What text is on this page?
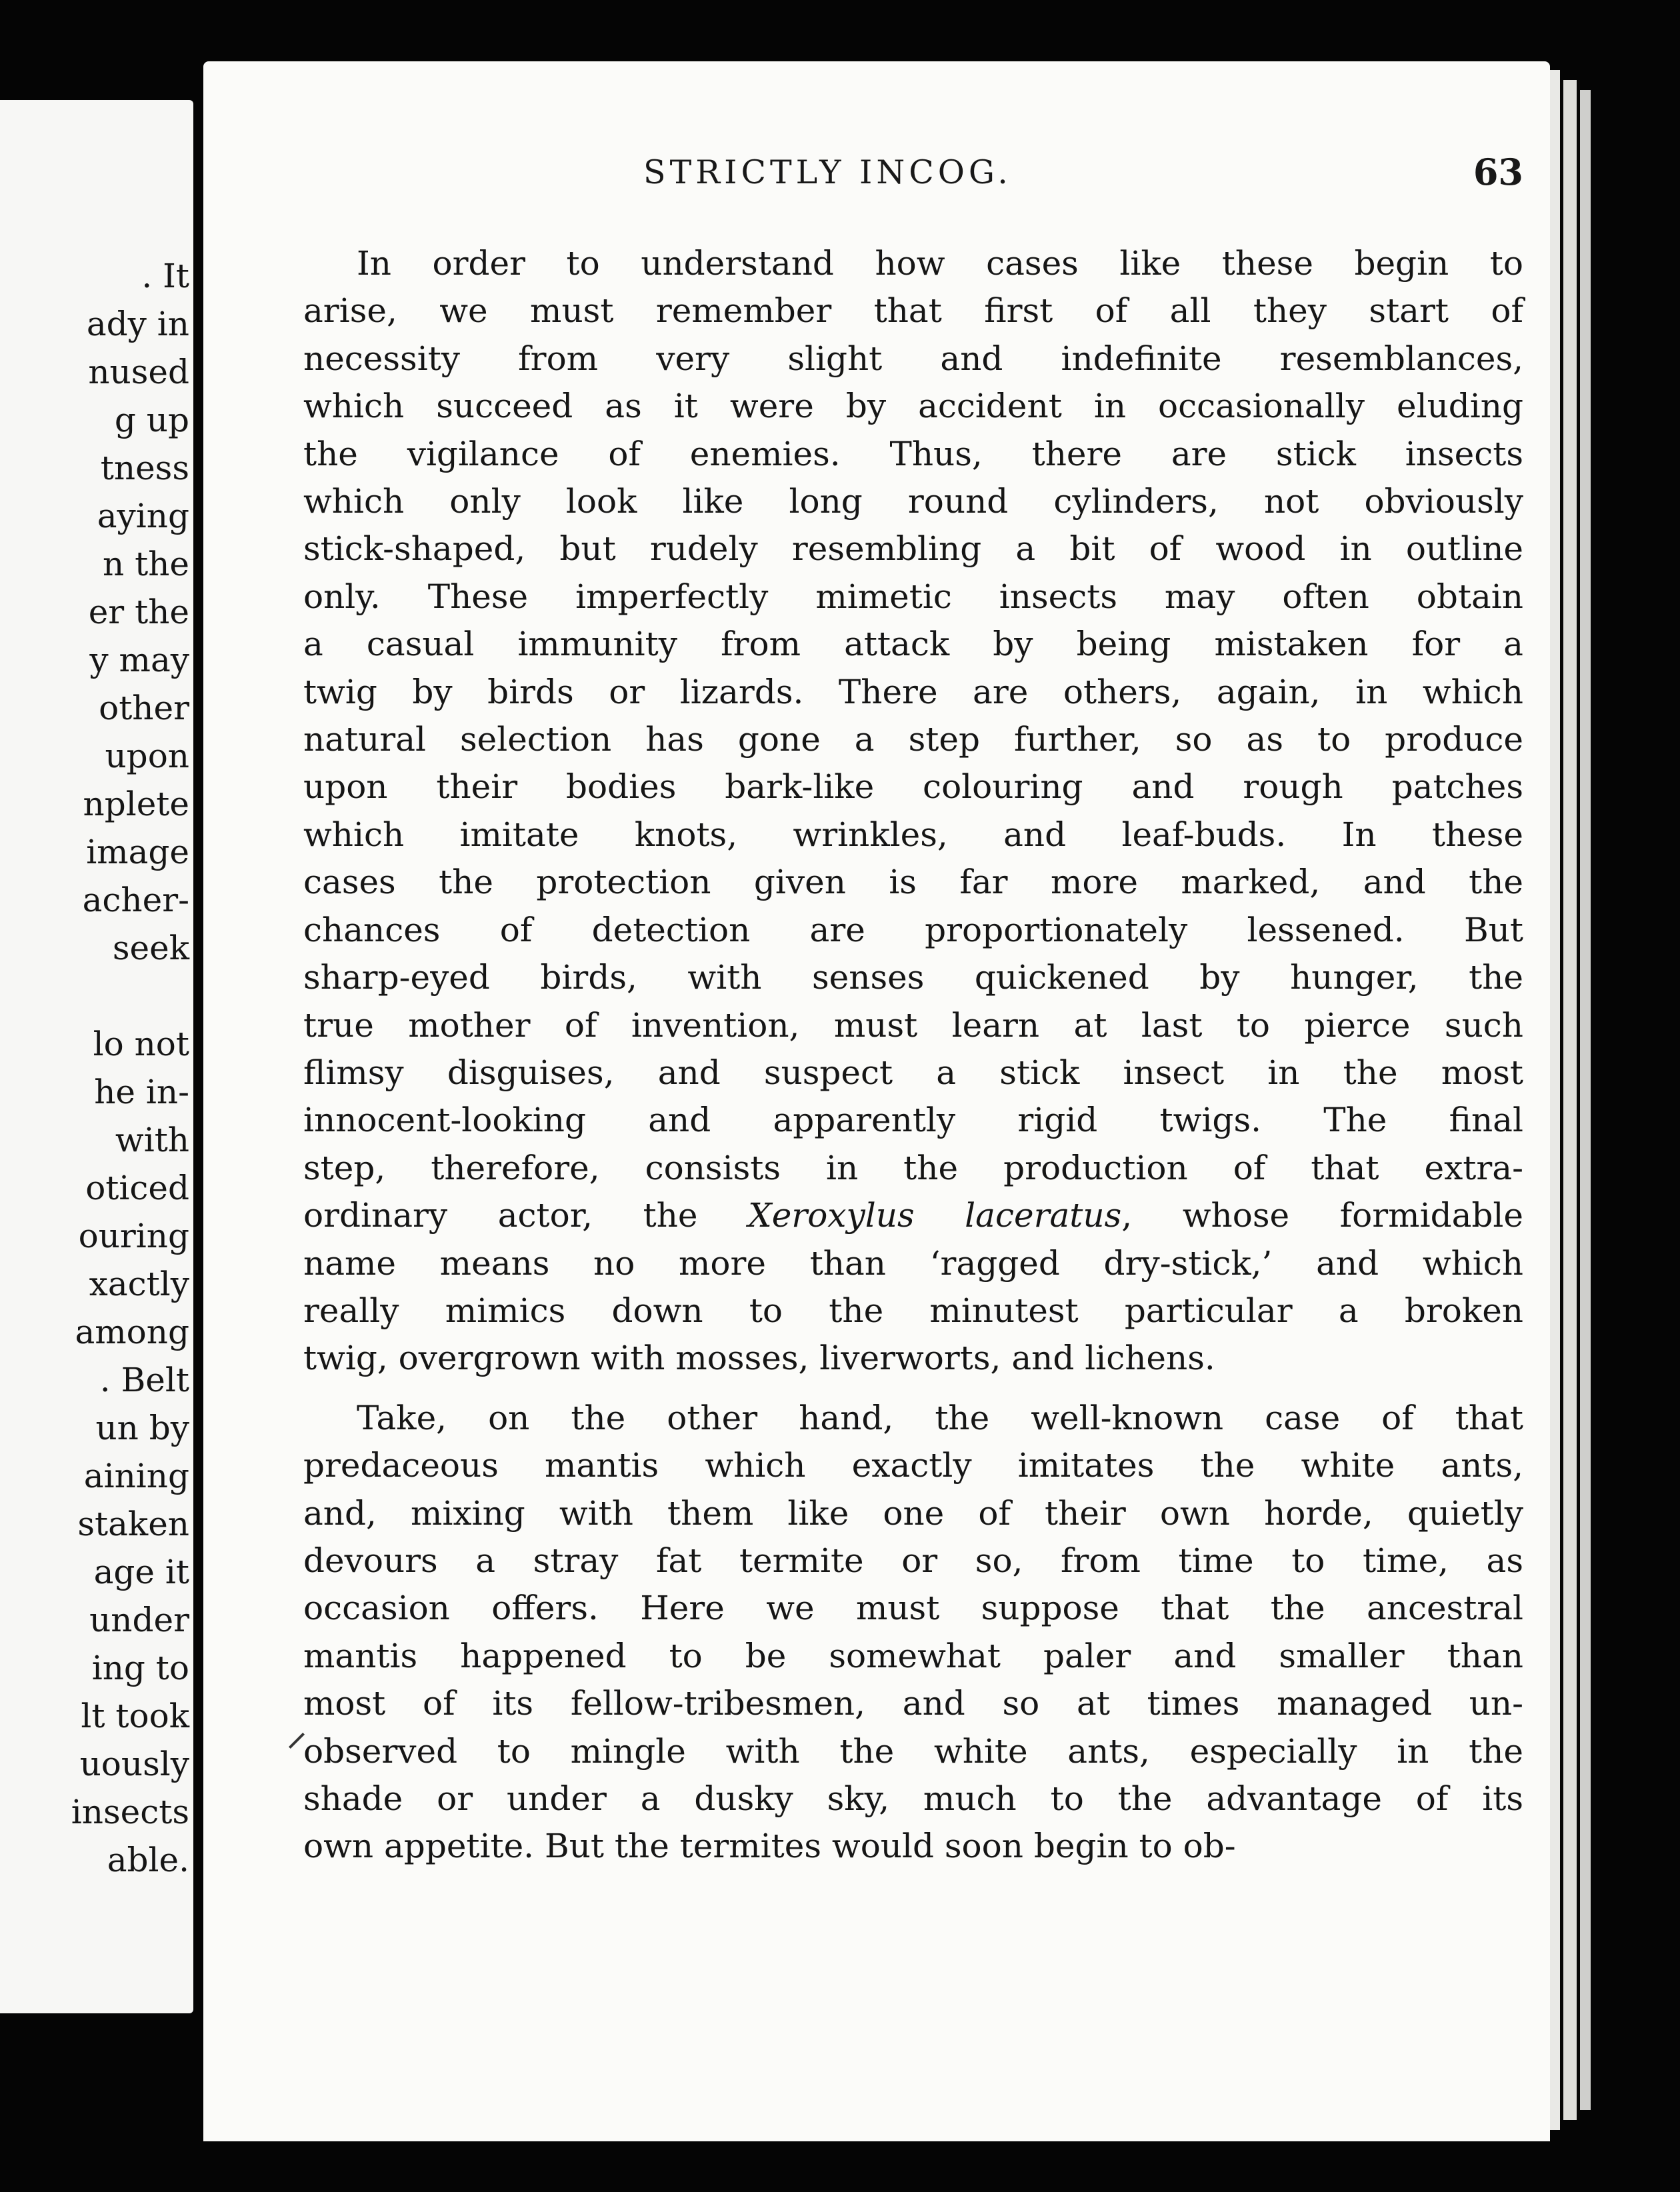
. It
ady in
nused
g up
tness
aying
n the
er the
y may
other
upon
nplete
image
acher-
seek
lo not
he in-
with
oticed
ouring
xactly
among
. Belt
un by
aining
staken
age it
under
ing to
lt took
uously
insects
able.
STRICTLY INCOG.	63
In order to understand how cases like these begin to
arise, we must remember that first of all they start of
necessity from very slight and indefinite resemblances,
which succeed as it were by accident in occasionally eluding
the vigilance of enemies. Thus, there are stick insects
which only look like long round cylinders, not obviously
stick-shaped, but rudely resembling a bit of wood in outline
only. These imperfectly mimetic insects may often obtain
a casual immunity from attack by being mistaken for a
twig by birds or lizards. There are others, again, in which
natural selection has gone a step further, so as to produce
upon their bodies bark-like colouring and rough patches
which imitate knots, wrinkles, and leaf-buds. In these
cases the protection given is far more marked, and the
chances of detection are proportionately lessened. But
sharp-eyed birds, with senses quickened by hunger, the
true mother of invention, must learn at last to pierce such
flimsy disguises, and suspect a stick insect in the most
innocent-looking and apparently rigid twigs. The final
step, therefore, consists in the production of that extra-
ordinary actor, the Xeroxylus laceratus, whose formidable
name means no more than ‘ragged dry-stick,’ and which
really mimics down to the minutest particular a broken
twig, overgrown with mosses, liverworts, and lichens.
Take, on the other hand, the well-known case of that
predaceous mantis which exactly imitates the white ants,
and, mixing with them like one of their own horde, quietly
devours a stray fat termite or so, from time to time, as
occasion offers. Here we must suppose that the ancestral
mantis happened to be somewhat paler and smaller than
most of its fellow-tribesmen, and so at times managed un-
observed to mingle with the white ants, especially in the
shade or under a dusky sky, much to the advantage of its
own appetite. But the termites would soon begin to ob-
